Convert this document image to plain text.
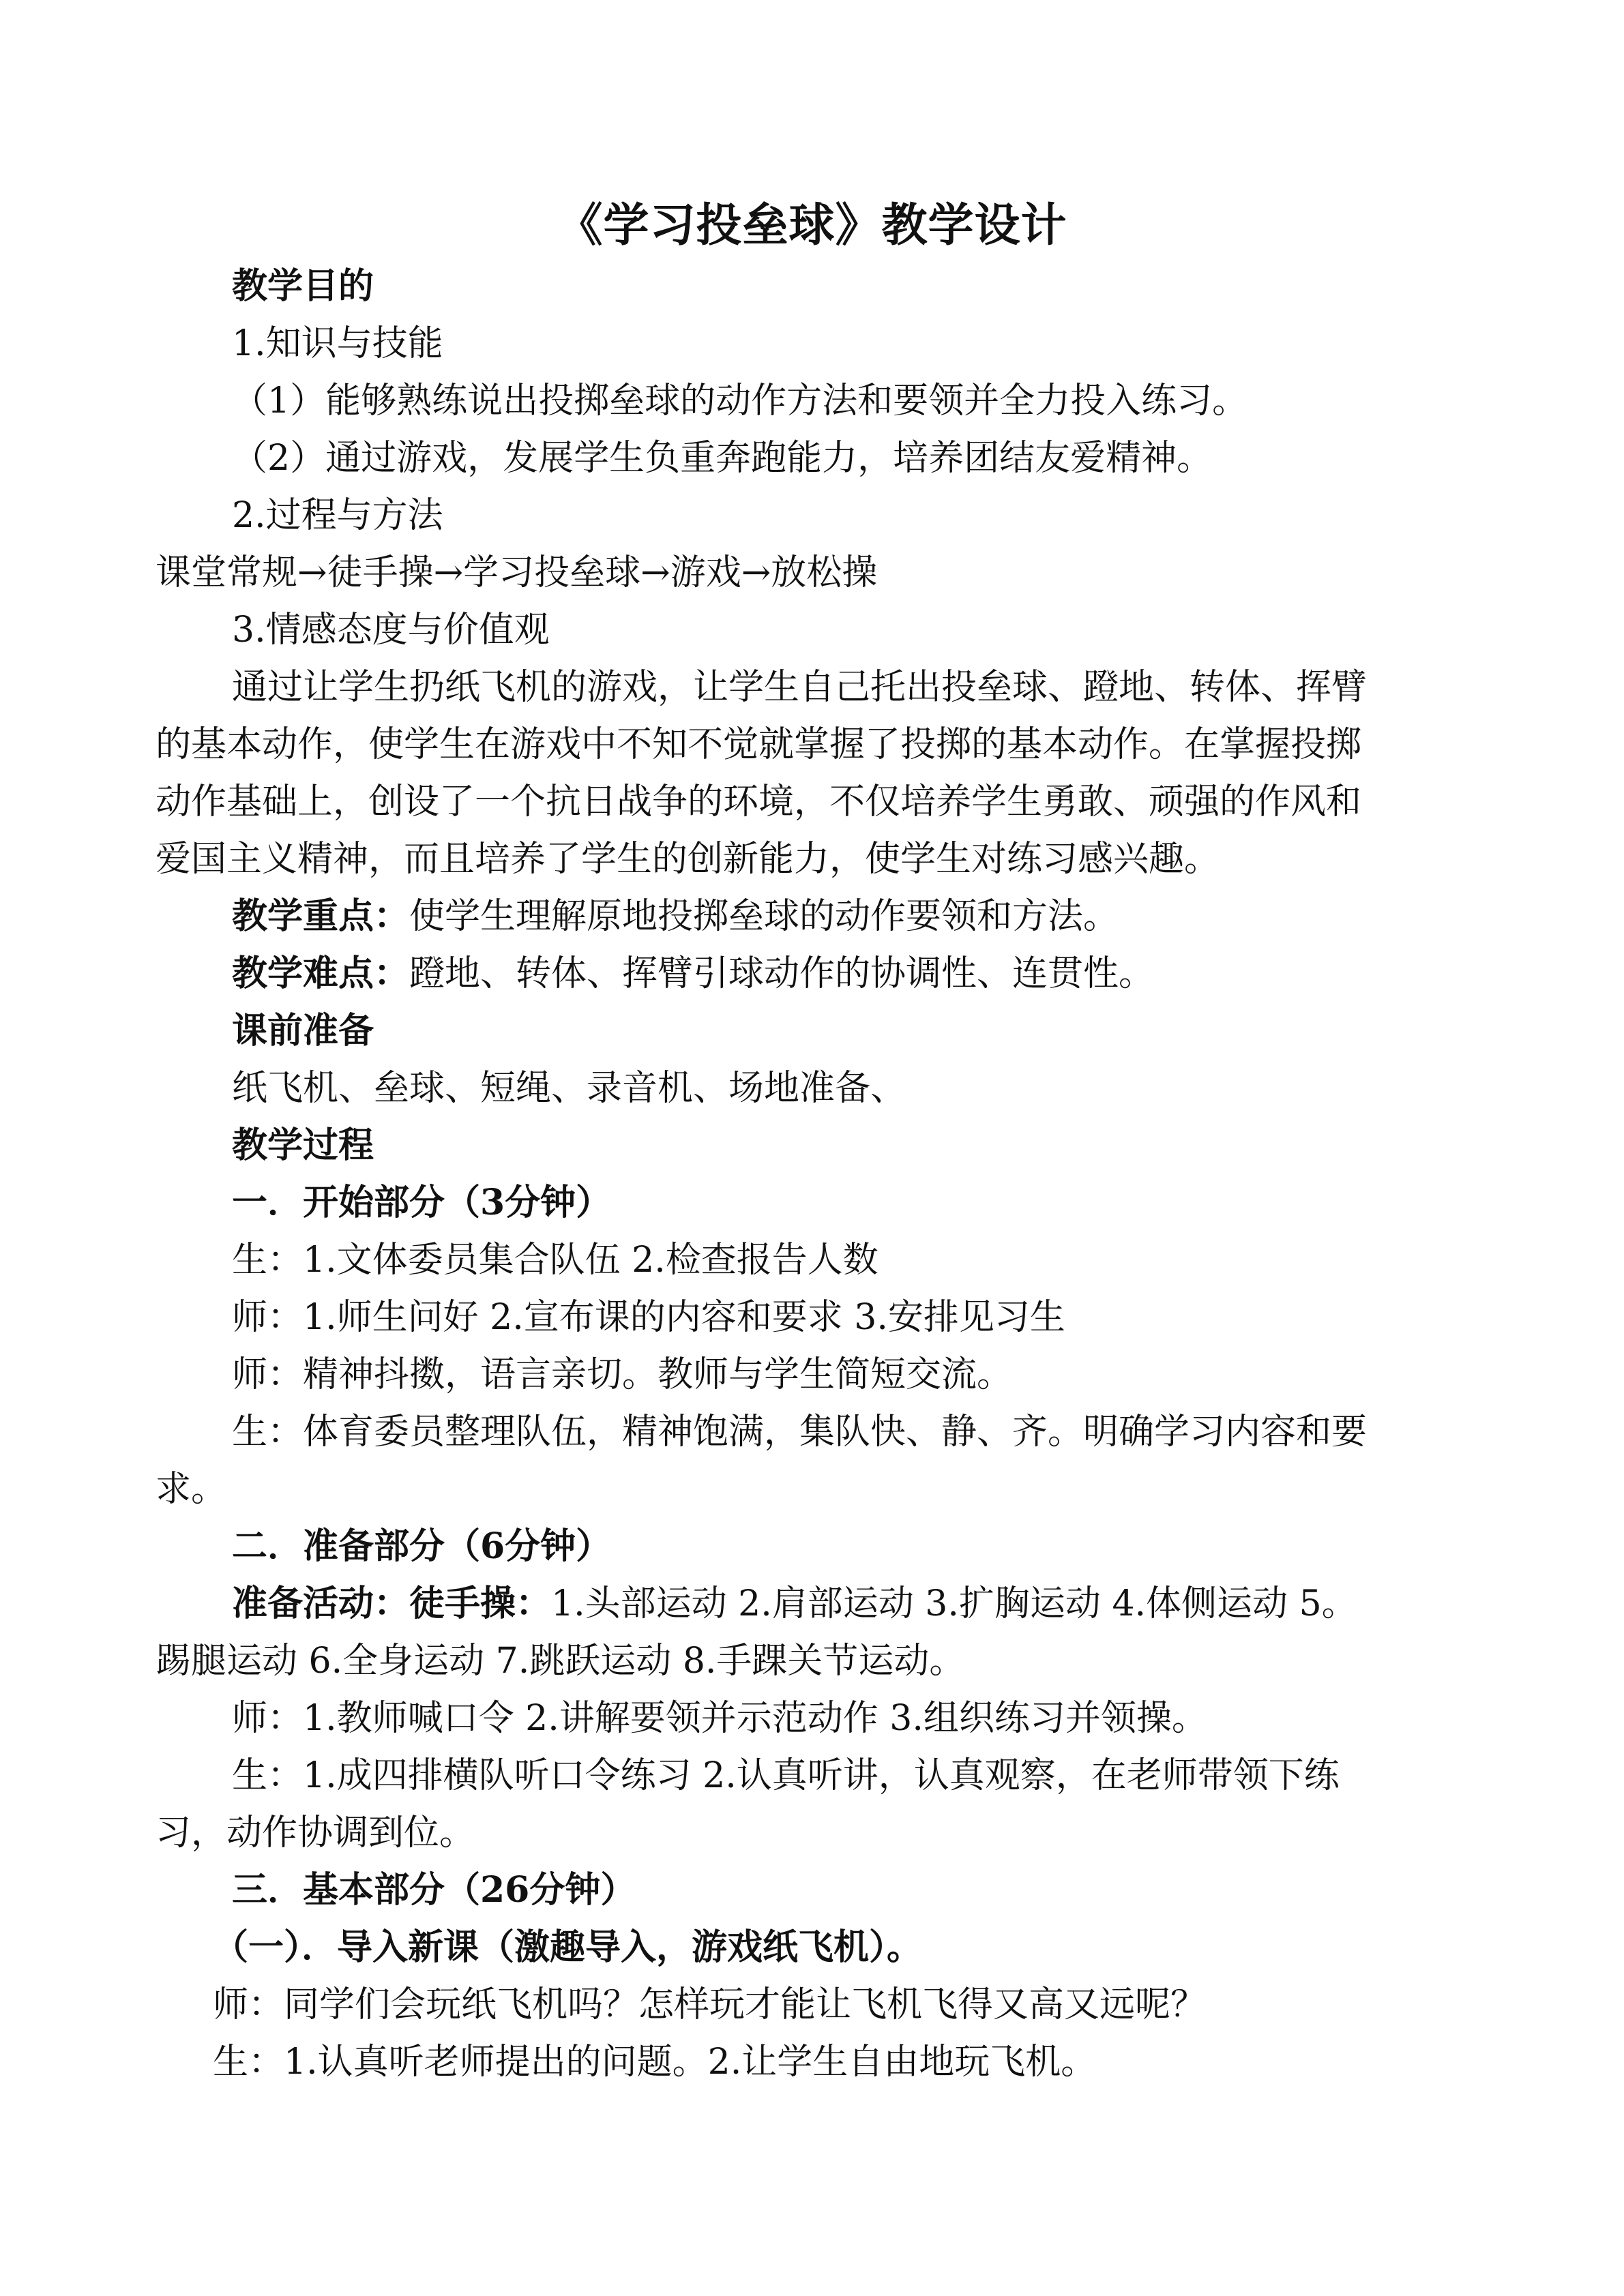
《学习投垒球》教学设计
教学目的
1.知识与技能
（1）能够熟练说出投掷垒球的动作方法和要领并全力投入练习。
（2）通过游戏，发展学生负重奔跑能力，培养团结友爱精神。
2.过程与方法
课堂常规→徒手操→学习投垒球→游戏→放松操
3.情感态度与价值观
通过让学生扔纸飞机的游戏，让学生自己托出投垒球、蹬地、转体、挥臂
的基本动作，使学生在游戏中不知不觉就掌握了投掷的基本动作。在掌握投掷
动作基础上，创设了一个抗日战争的环境，不仅培养学生勇敢、顽强的作风和
爱国主义精神，而且培养了学生的创新能力，使学生对练习感兴趣。
教学重点：使学生理解原地投掷垒球的动作要领和方法。
教学难点：蹬地、转体、挥臂引球动作的协调性、连贯性。
课前准备
纸飞机、垒球、短绳、录音机、场地准备、
教学过程
一．开始部分（3分钟）
生：1.文体委员集合队伍 2.检查报告人数
师：1.师生问好 2.宣布课的内容和要求 3.安排见习生
师：精神抖擞，语言亲切。教师与学生简短交流。
生：体育委员整理队伍，精神饱满，集队快、静、齐。明确学习内容和要
求。
二．准备部分（6分钟）
准备活动：徒手操：1.头部运动 2.肩部运动 3.扩胸运动 4.体侧运动 5。
踢腿运动 6.全身运动 7.跳跃运动 8.手踝关节运动。
师：1.教师喊口令 2.讲解要领并示范动作 3.组织练习并领操。
生：1.成四排横队听口令练习 2.认真听讲，认真观察，在老师带领下练
习，动作协调到位。
三．基本部分（26分钟）
（一）．导入新课（激趣导入，游戏纸飞机）。
师：同学们会玩纸飞机吗？怎样玩才能让飞机飞得又高又远呢？
生：1.认真听老师提出的问题。2.让学生自由地玩飞机。
